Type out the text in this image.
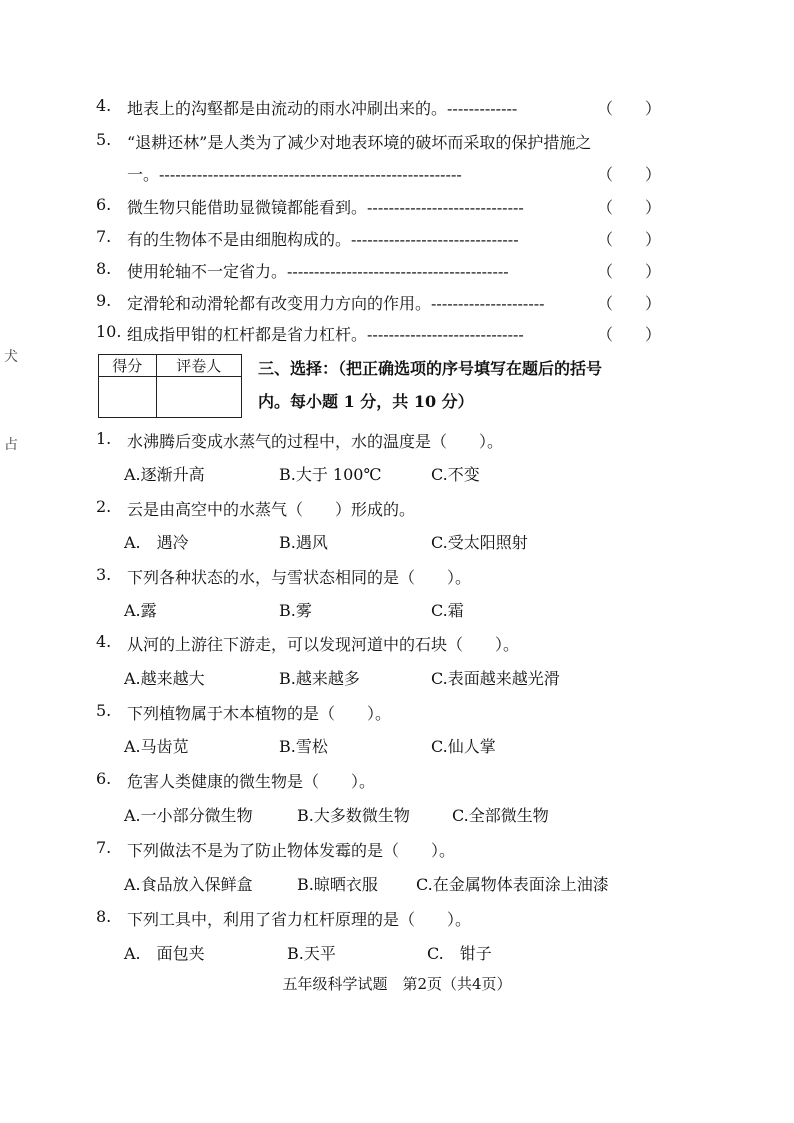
4. 地表上的沟壑都是由流动的雨水冲刷出来的。-------------	（　　）
5. “退耕还林”是人类为了减少对地表环境的破坏而采取的保护措施之
一。--------------------------------------------------------	（　　）
6. 微生物只能借助显微镜都能看到。-----------------------------	（　　）
7. 有的生物体不是由细胞构成的。-------------------------------	（　　）
8. 使用轮轴不一定省力。-----------------------------------------	（　　）
9. 定滑轮和动滑轮都有改变用力方向的作用。---------------------	（　　）
10. 组成指甲钳的杠杆都是省力杠杆。-----------------------------	（　　）
犬
占
得分	评卷人
	三、选择：（把正确选项的序号填写在题后的括号
内。每小题 1 分，共 10 分）
1. 水沸腾后变成水蒸气的过程中，水的温度是（　　）。
A.逐渐升高	B.大于 100℃	C.不变
2. 云是由高空中的水蒸气（　　）形成的。
A.　遇冷	B.遇风	C.受太阳照射
3. 下列各种状态的水，与雪状态相同的是（　　）。
A.露	B.雾	C.霜
4. 从河的上游往下游走，可以发现河道中的石块（　　）。
A.越来越大	B.越来越多	C.表面越来越光滑
5. 下列植物属于木本植物的是（　　）。
A.马齿苋	B.雪松	C.仙人掌
6. 危害人类健康的微生物是（　　）。
A.一小部分微生物	B.大多数微生物	C.全部微生物
7. 下列做法不是为了防止物体发霉的是（　　）。
A.食品放入保鲜盒	B.晾晒衣服 C.在金属物体表面涂上油漆
8. 下列工具中，利用了省力杠杆原理的是（　　）。
A.　面包夹	B.天平	C.　钳子
五年级科学试题　第2页（共4页）
